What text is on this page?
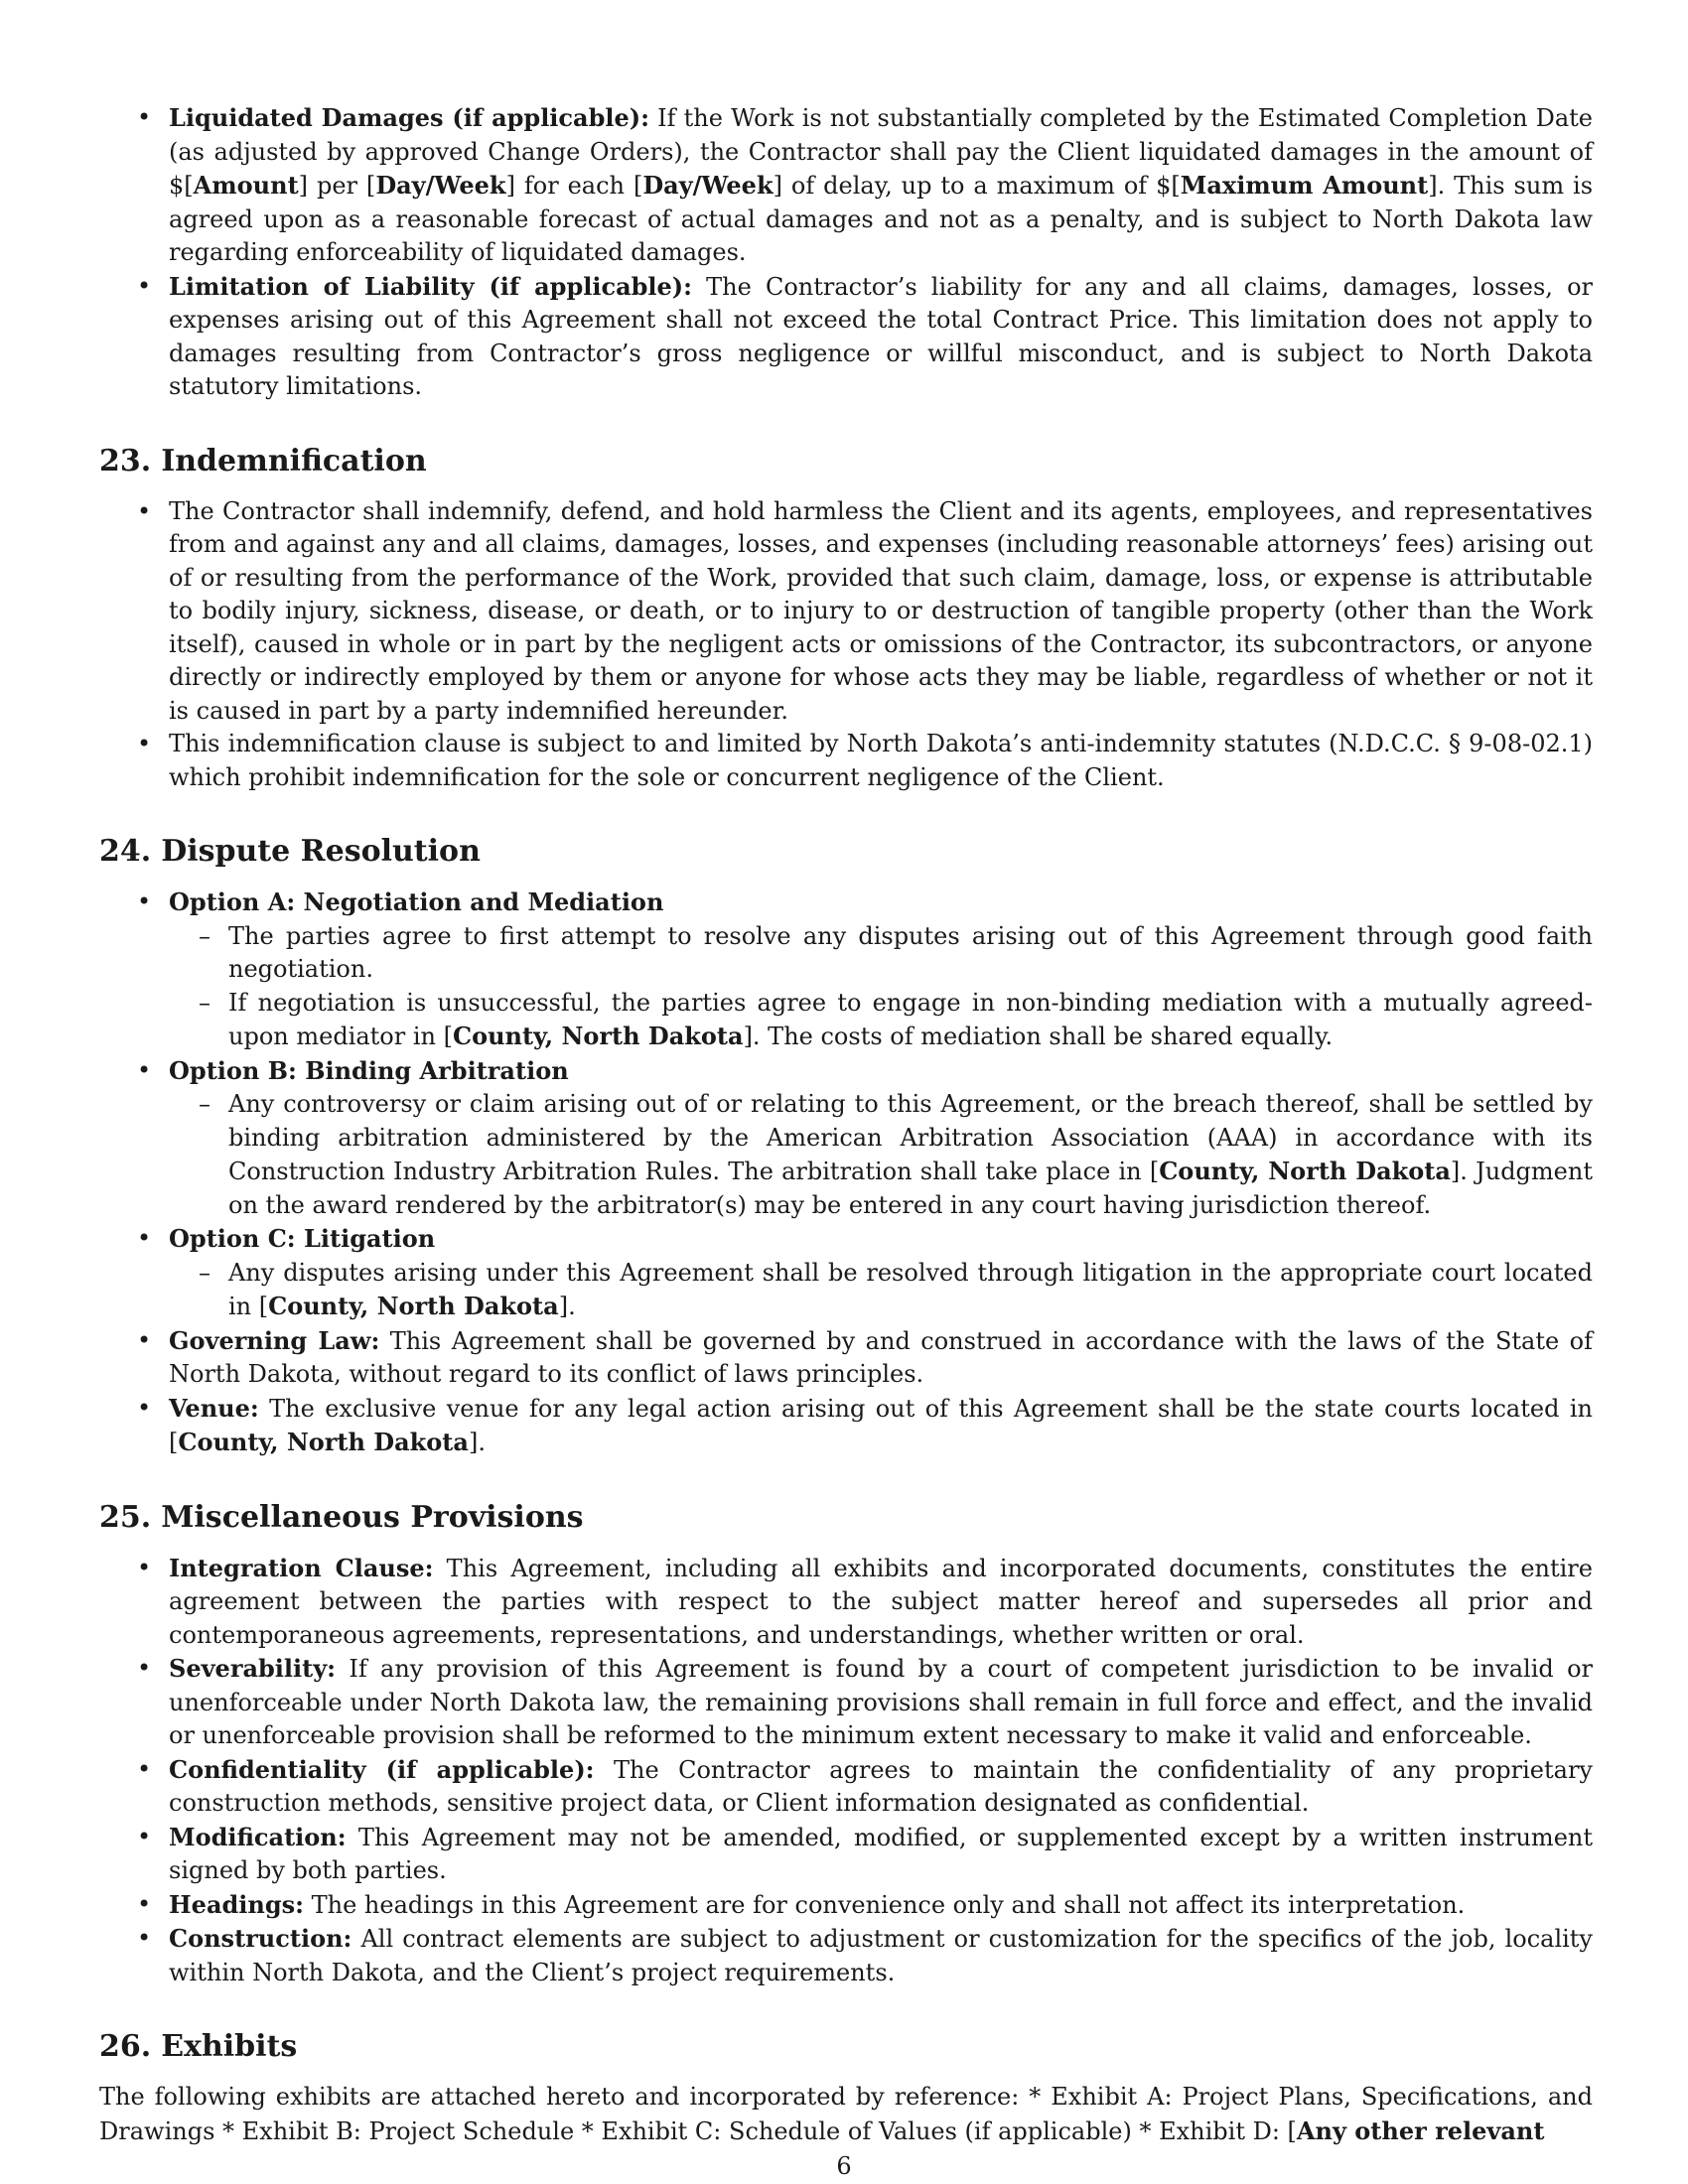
• Liquidated Damages (if applicable): If the Work is not substantially completed by the Estimated Completion Date (as adjusted by approved Change Orders), the Contractor shall pay the Client liquidated damages in the amount of $[Amount] per [Day/Week] for each [Day/Week] of delay, up to a maximum of $[Maximum Amount]. This sum is agreed upon as a reasonable forecast of actual damages and not as a penalty, and is subject to North Dakota law regarding enforceability of liquidated damages.

• Limitation of Liability (if applicable): The Contractor’s liability for any and all claims, damages, losses, or expenses arising out of this Agreement shall not exceed the total Contract Price. This limitation does not apply to damages resulting from Contractor’s gross negligence or willful misconduct, and is subject to North Dakota statutory limitations.

23. Indemnification

• The Contractor shall indemnify, defend, and hold harmless the Client and its agents, employees, and representatives from and against any and all claims, damages, losses, and expenses (including reasonable attorneys’ fees) arising out of or resulting from the performance of the Work, provided that such claim, damage, loss, or expense is attributable to bodily injury, sickness, disease, or death, or to injury to or destruction of tangible property (other than the Work itself), caused in whole or in part by the negligent acts or omissions of the Contractor, its subcontractors, or anyone directly or indirectly employed by them or anyone for whose acts they may be liable, regardless of whether or not it is caused in part by a party indemnified hereunder.

• This indemnification clause is subject to and limited by North Dakota’s anti-indemnity statutes (N.D.C.C. § 9-08-02.1) which prohibit indemnification for the sole or concurrent negligence of the Client.

24. Dispute Resolution

• Option A: Negotiation and Mediation

– The parties agree to first attempt to resolve any disputes arising out of this Agreement through good faith negotiation.

– If negotiation is unsuccessful, the parties agree to engage in non-binding mediation with a mutually agreed-upon mediator in [County, North Dakota]. The costs of mediation shall be shared equally.

• Option B: Binding Arbitration

– Any controversy or claim arising out of or relating to this Agreement, or the breach thereof, shall be settled by binding arbitration administered by the American Arbitration Association (AAA) in accordance with its Construction Industry Arbitration Rules. The arbitration shall take place in [County, North Dakota]. Judgment on the award rendered by the arbitrator(s) may be entered in any court having jurisdiction thereof.

• Option C: Litigation

– Any disputes arising under this Agreement shall be resolved through litigation in the appropriate court located in [County, North Dakota].

• Governing Law: This Agreement shall be governed by and construed in accordance with the laws of the State of North Dakota, without regard to its conflict of laws principles.

• Venue: The exclusive venue for any legal action arising out of this Agreement shall be the state courts located in [County, North Dakota].

25. Miscellaneous Provisions

• Integration Clause: This Agreement, including all exhibits and incorporated documents, constitutes the entire agreement between the parties with respect to the subject matter hereof and supersedes all prior and contemporaneous agreements, representations, and understandings, whether written or oral.

• Severability: If any provision of this Agreement is found by a court of competent jurisdiction to be invalid or unenforceable under North Dakota law, the remaining provisions shall remain in full force and effect, and the invalid or unenforceable provision shall be reformed to the minimum extent necessary to make it valid and enforceable.

• Confidentiality (if applicable): The Contractor agrees to maintain the confidentiality of any proprietary construction methods, sensitive project data, or Client information designated as confidential.

• Modification: This Agreement may not be amended, modified, or supplemented except by a written instrument signed by both parties.

• Headings: The headings in this Agreement are for convenience only and shall not affect its interpretation.

• Construction: All contract elements are subject to adjustment or customization for the specifics of the job, locality within North Dakota, and the Client’s project requirements.

26. Exhibits

The following exhibits are attached hereto and incorporated by reference: * Exhibit A: Project Plans, Specifications, and Drawings * Exhibit B: Project Schedule * Exhibit C: Schedule of Values (if applicable) * Exhibit D: [Any other relevant

6
